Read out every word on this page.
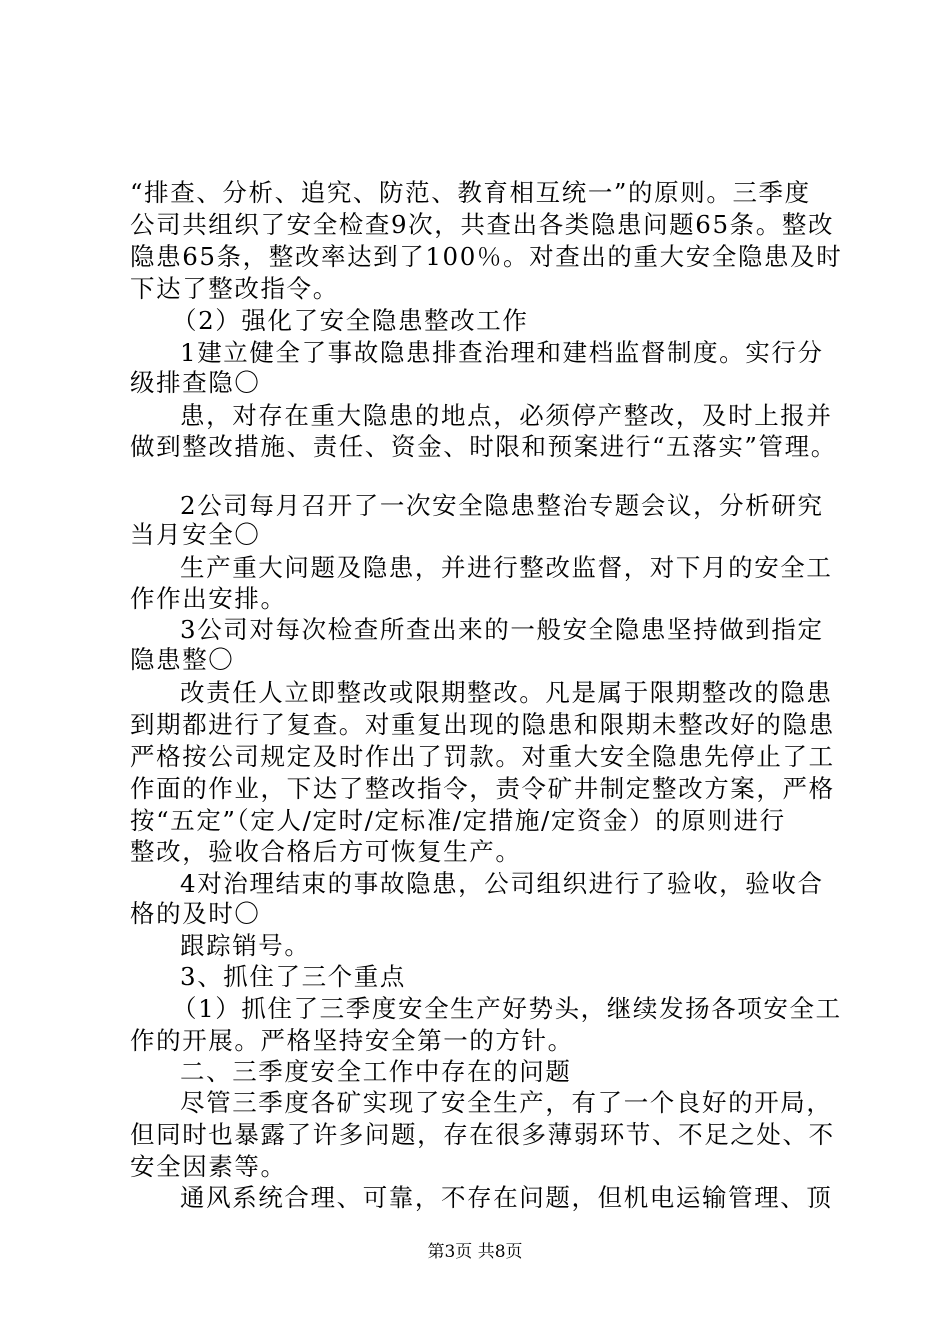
“排查、分析、追究、防范、教育相互统一”的原则。三季度
公司共组织了安全检查9次，共查出各类隐患问题65条。整改
隐患65条，整改率达到了100％。对查出的重大安全隐患及时
下达了整改指令。
（2）强化了安全隐患整改工作
1建立健全了事故隐患排查治理和建档监督制度。实行分
级排查隐〇
患，对存在重大隐患的地点，必须停产整改，及时上报并
做到整改措施、责任、资金、时限和预案进行“五落实”管理。
2公司每月召开了一次安全隐患整治专题会议，分析研究
当月安全〇
生产重大问题及隐患，并进行整改监督，对下月的安全工
作作出安排。
3公司对每次检查所查出来的一般安全隐患坚持做到指定
隐患整〇
改责任人立即整改或限期整改。凡是属于限期整改的隐患
到期都进行了复查。对重复出现的隐患和限期未整改好的隐患
严格按公司规定及时作出了罚款。对重大安全隐患先停止了工
作面的作业，下达了整改指令，责令矿井制定整改方案，严格
按“五定”（定人/定时/定标准/定措施/定资金）的原则进行
整改，验收合格后方可恢复生产。
4对治理结束的事故隐患，公司组织进行了验收，验收合
格的及时〇
跟踪销号。
3、抓住了三个重点
（1）抓住了三季度安全生产好势头，继续发扬各项安全工
作的开展。严格坚持安全第一的方针。
二、三季度安全工作中存在的问题
尽管三季度各矿实现了安全生产，有了一个良好的开局，
但同时也暴露了许多问题，存在很多薄弱环节、不足之处、不
安全因素等。
通风系统合理、可靠，不存在问题，但机电运输管理、顶
第3页 共8页
